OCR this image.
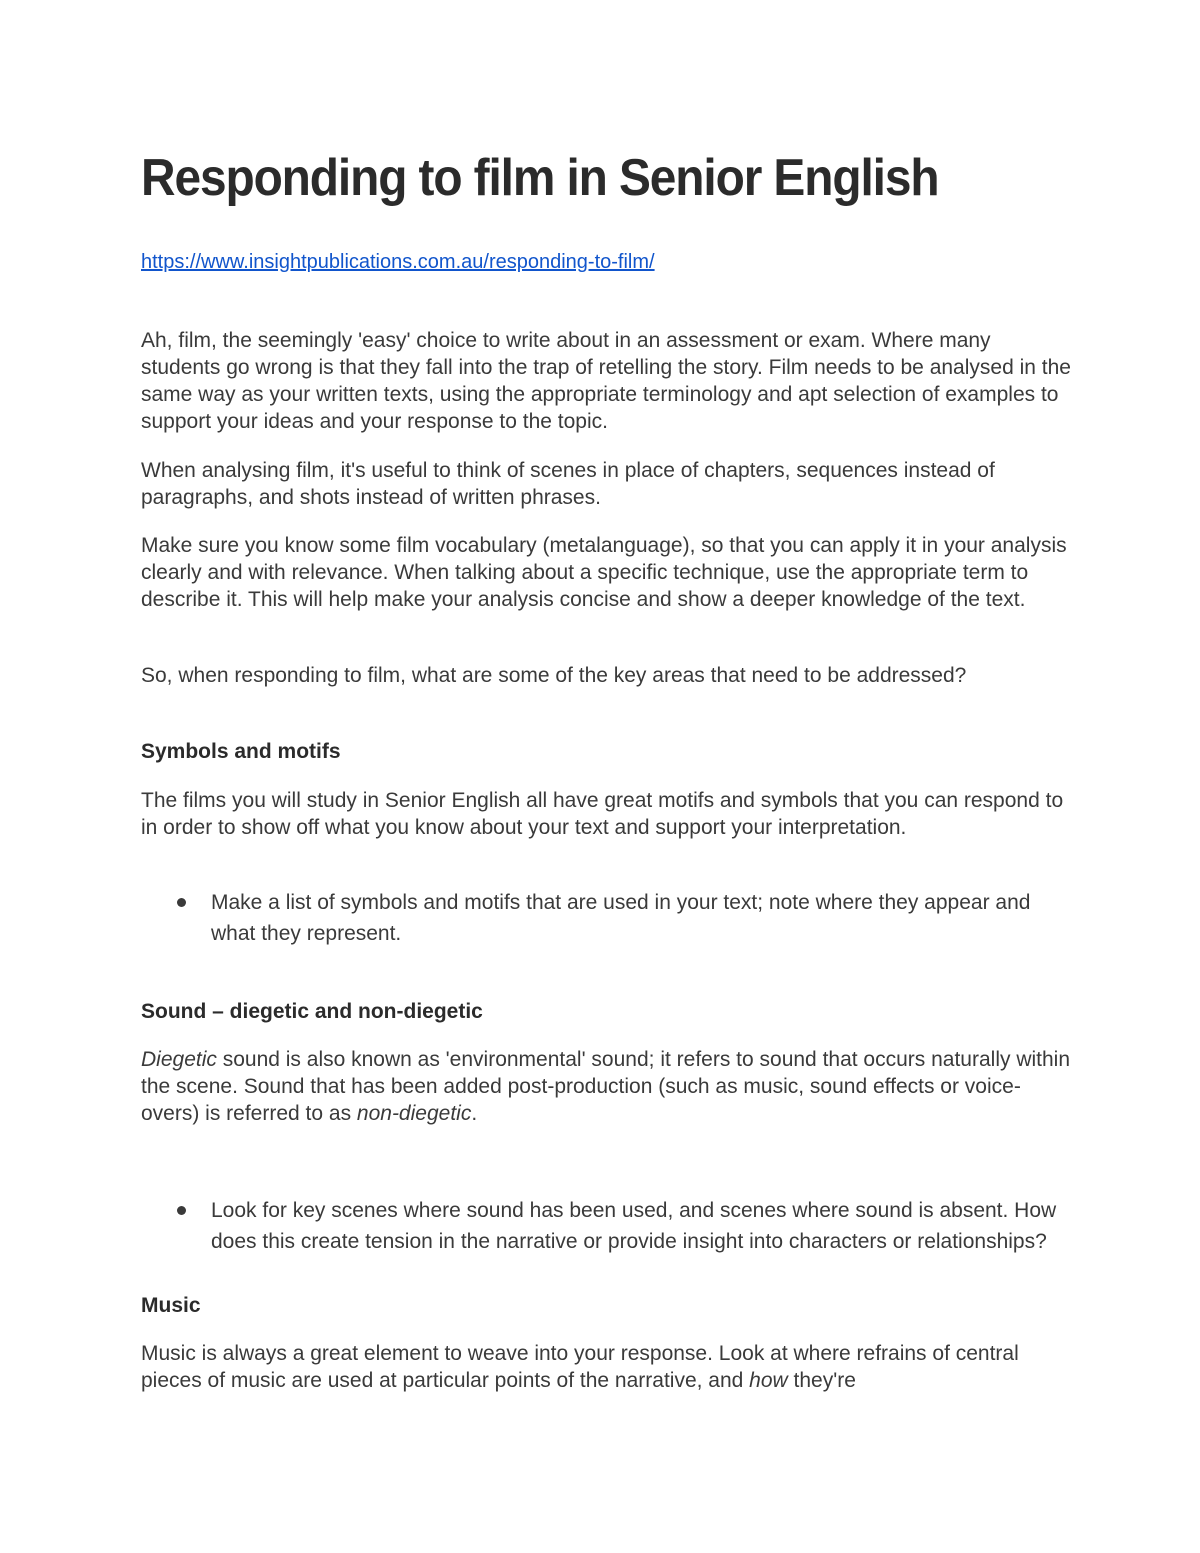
Responding to film in Senior English
https://www.insightpublications.com.au/responding-to-film/

Ah, film, the seemingly 'easy' choice to write about in an assessment or exam. Where many students go wrong is that they fall into the trap of retelling the story. Film needs to be analysed in the same way as your written texts, using the appropriate terminology and apt selection of examples to support your ideas and your response to the topic.

When analysing film, it's useful to think of scenes in place of chapters, sequences instead of paragraphs, and shots instead of written phrases.

Make sure you know some film vocabulary (metalanguage), so that you can apply it in your analysis clearly and with relevance. When talking about a specific technique, use the appropriate term to describe it. This will help make your analysis concise and show a deeper knowledge of the text.

So, when responding to film, what are some of the key areas that need to be addressed?

Symbols and motifs

The films you will study in Senior English all have great motifs and symbols that you can respond to in order to show off what you know about your text and support your interpretation.

Make a list of symbols and motifs that are used in your text; note where they appear and what they represent.

Sound – diegetic and non-diegetic

Diegetic sound is also known as 'environmental' sound; it refers to sound that occurs naturally within the scene. Sound that has been added post-production (such as music, sound effects or voice-overs) is referred to as non-diegetic.

Look for key scenes where sound has been used, and scenes where sound is absent. How does this create tension in the narrative or provide insight into characters or relationships?

Music

Music is always a great element to weave into your response. Look at where refrains of central pieces of music are used at particular points of the narrative, and how they're
